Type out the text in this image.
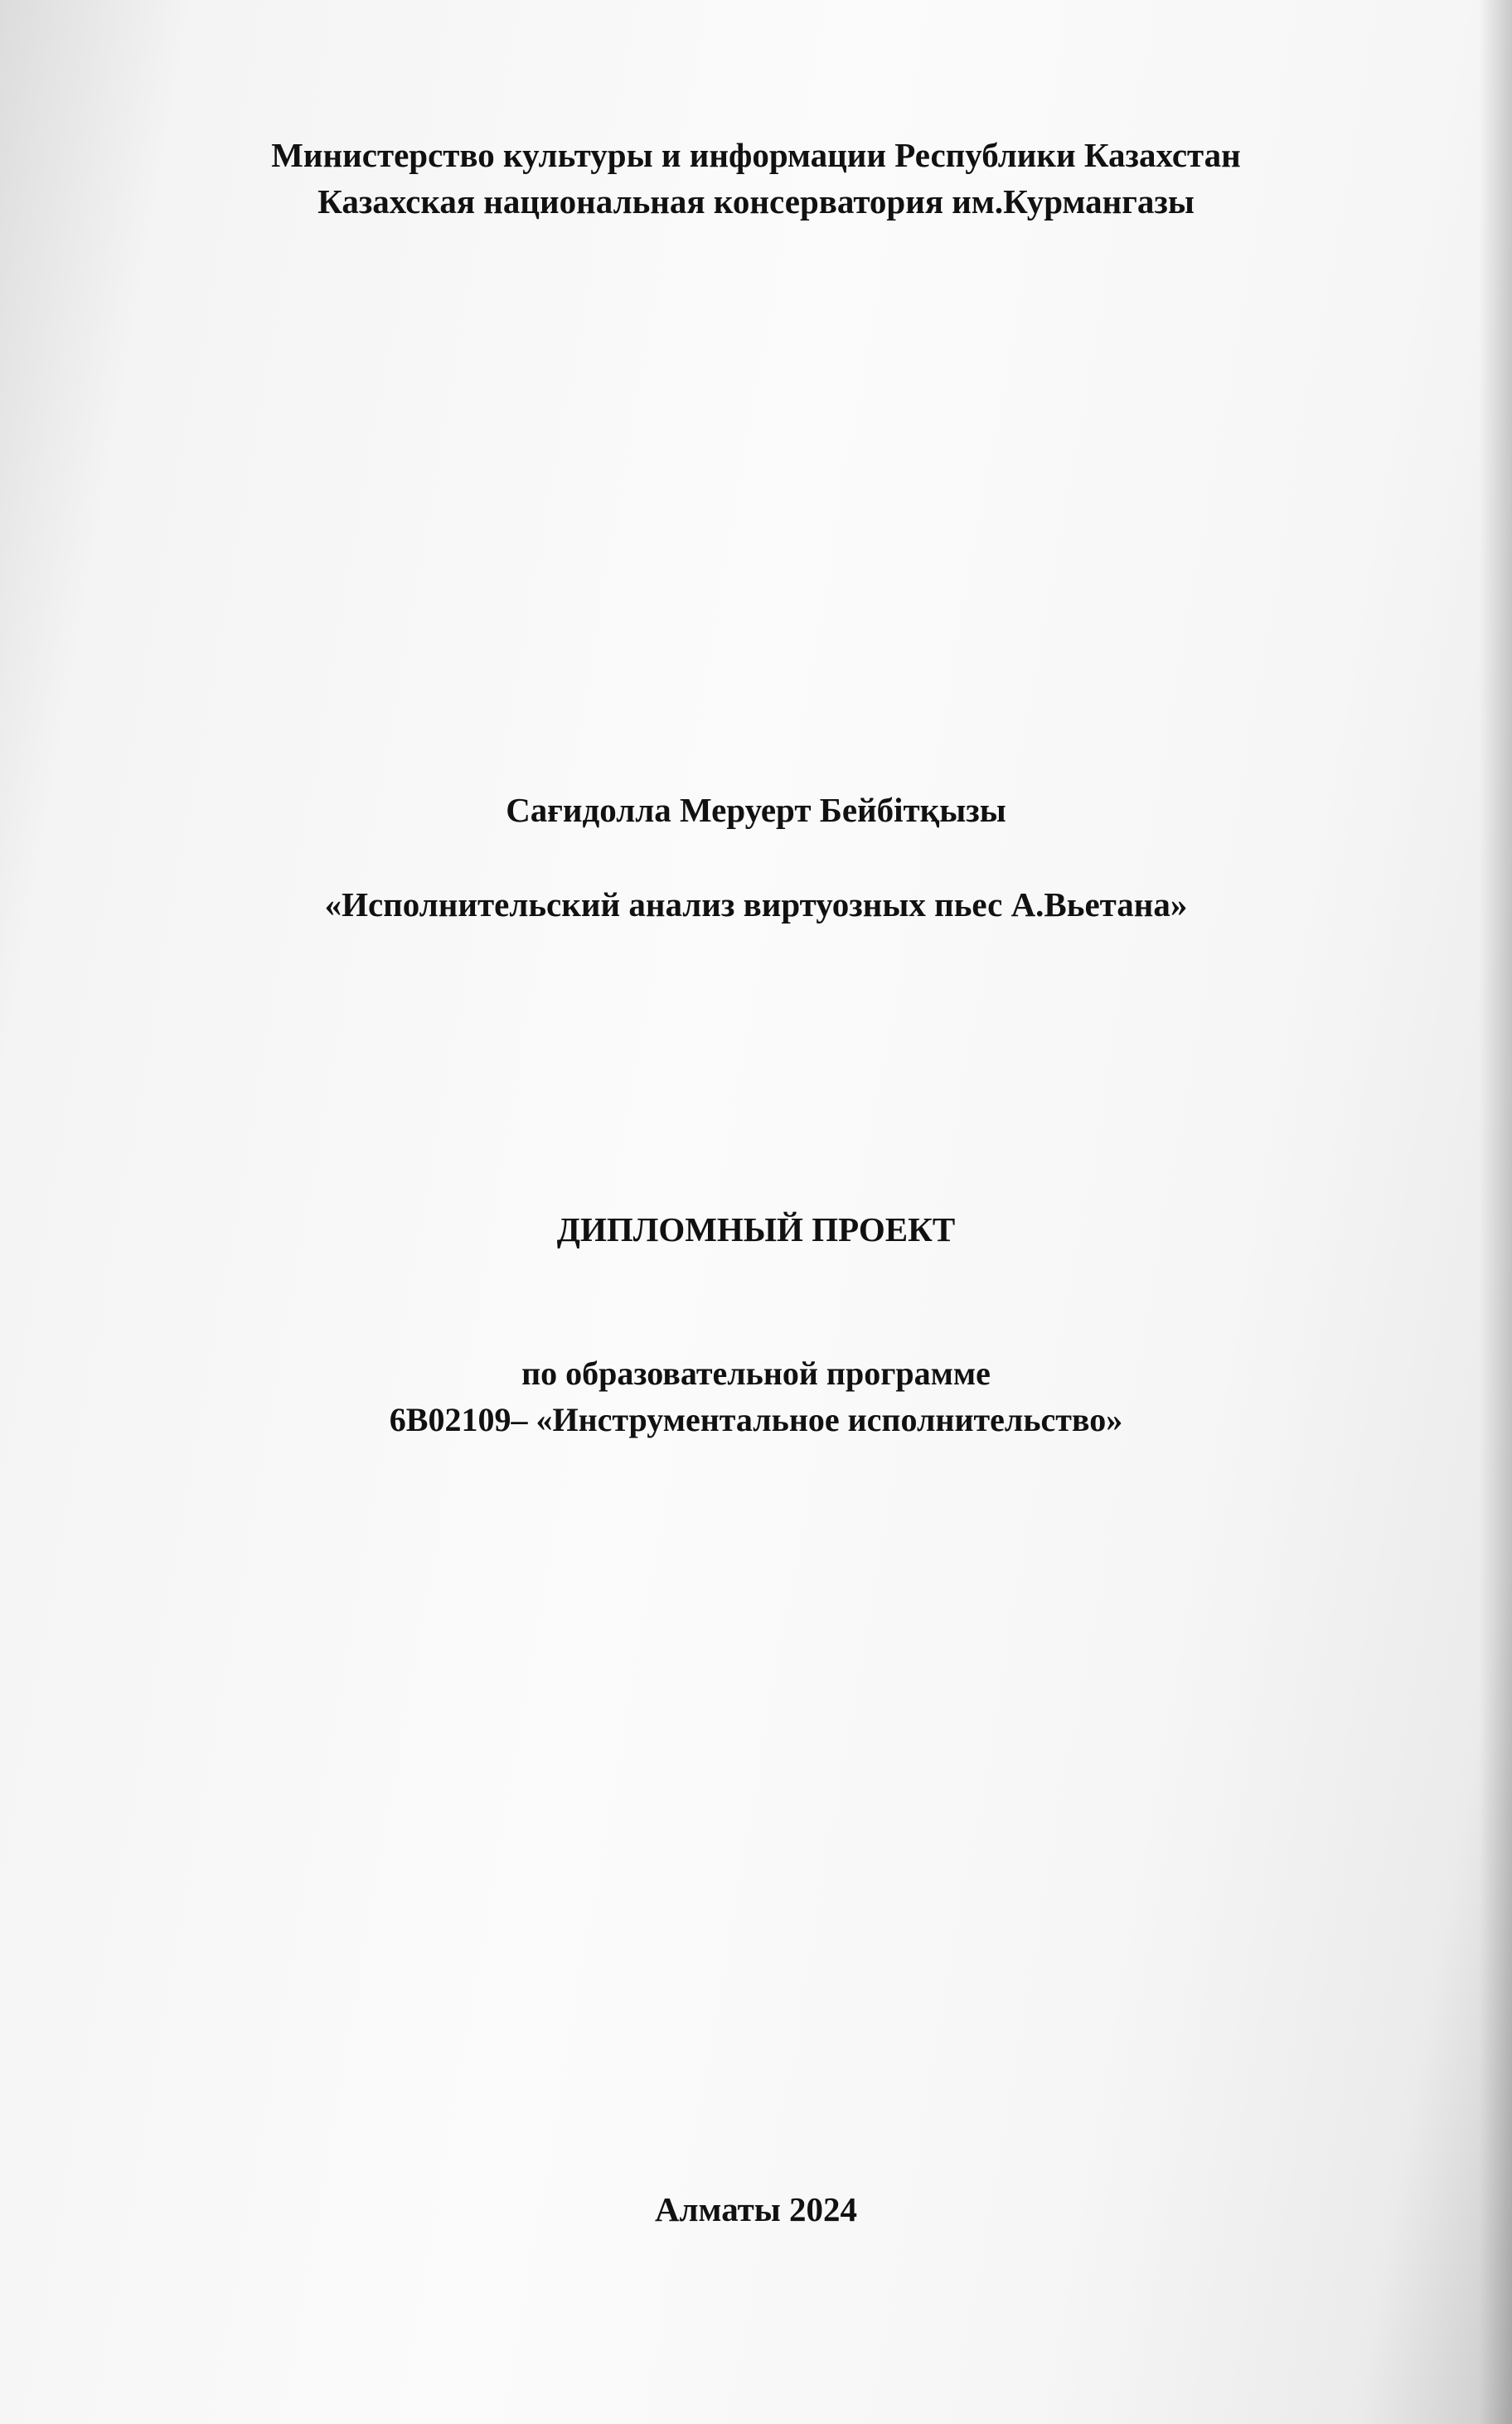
Министерство культуры и информации Республики Казахстан
Казахская национальная консерватория им.Курмангазы
Сағидолла Меруерт Бейбітқызы
«Исполнительский анализ виртуозных пьес А.Вьетана»
ДИПЛОМНЫЙ ПРОЕКТ
по образовательной программе
6В02109– «Инструментальное исполнительство»
Алматы 2024
